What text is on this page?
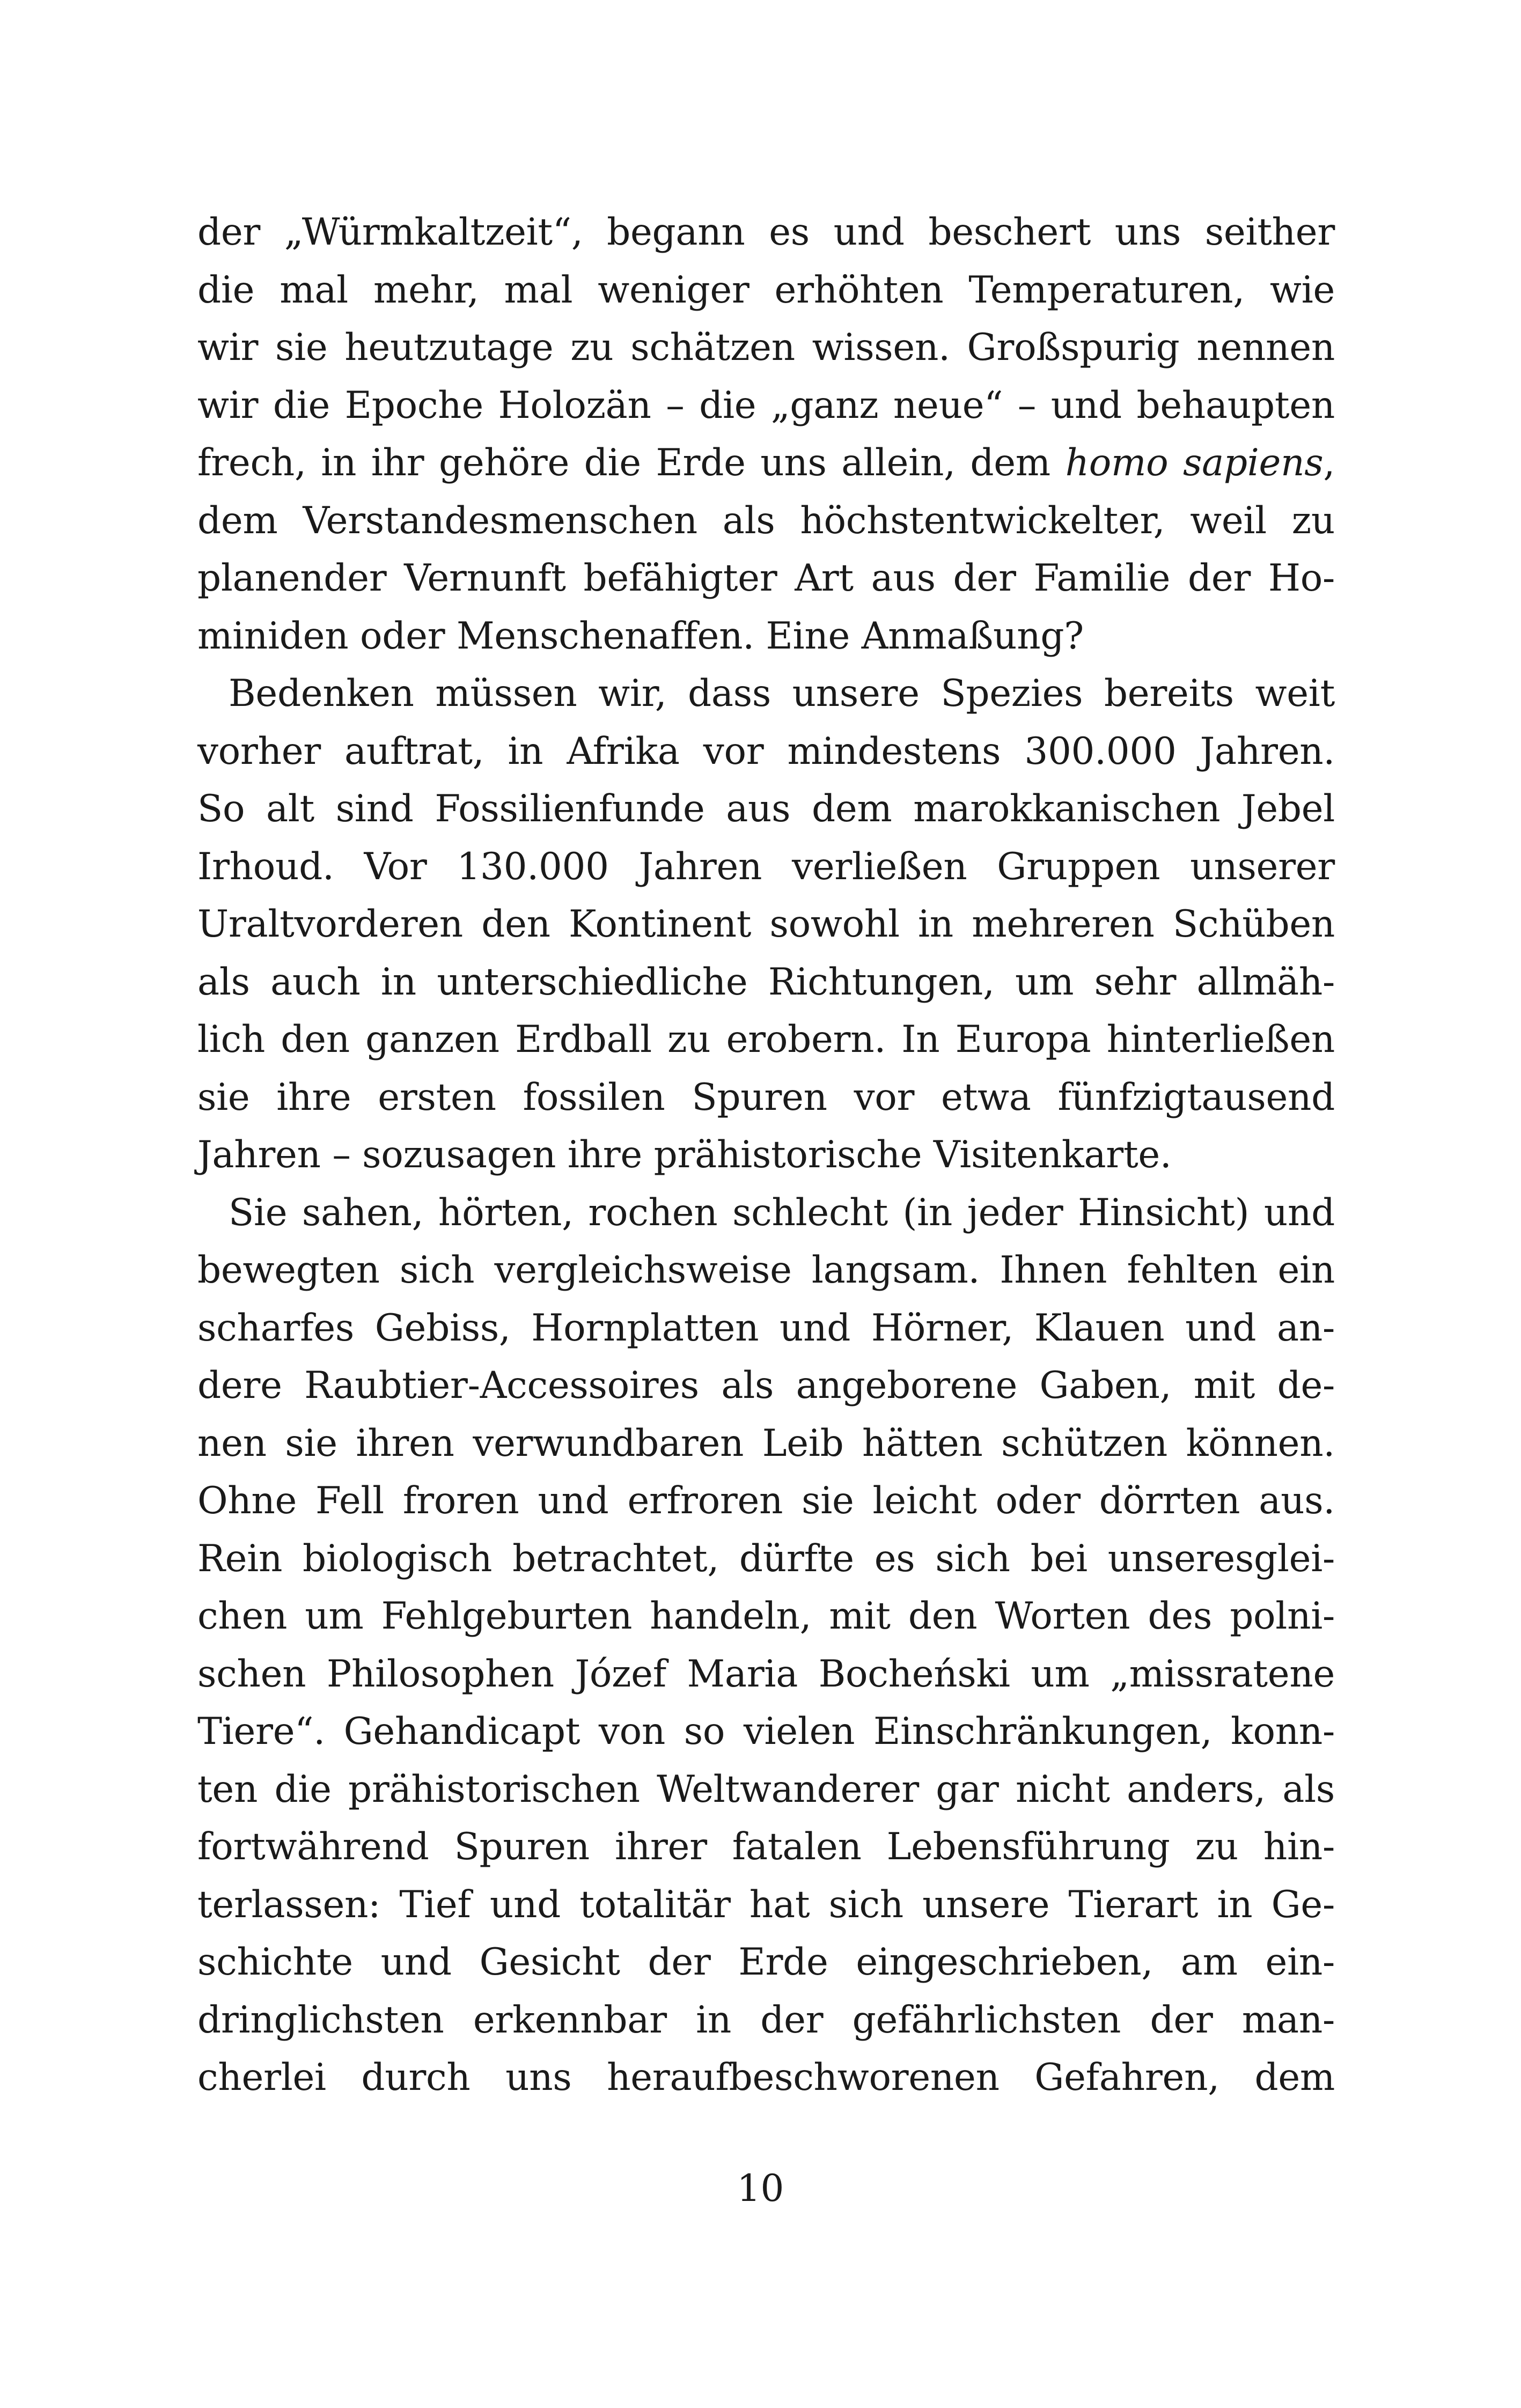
der „Würmkaltzeit“, begann es und beschert uns seither
die mal mehr, mal weniger erhöhten Temperaturen, wie
wir sie heutzutage zu schätzen wissen. Großspurig nennen
wir die Epoche Holozän – die „ganz neue“ – und behaupten
frech, in ihr gehöre die Erde uns allein, dem homo sapiens,
dem Verstandesmenschen als höchstentwickelter, weil zu
planender Vernunft befähigter Art aus der Familie der Ho-
miniden oder Menschenaffen. Eine Anmaßung?
Bedenken müssen wir, dass unsere Spezies bereits weit
vorher auftrat, in Afrika vor mindestens 300.000 Jahren.
So alt sind Fossilienfunde aus dem marokkanischen Jebel
Irhoud. Vor 130.000 Jahren verließen Gruppen unserer
Uraltvorderen den Kontinent sowohl in mehreren Schüben
als auch in unterschiedliche Richtungen, um sehr allmäh-
lich den ganzen Erdball zu erobern. In Europa hinterließen
sie ihre ersten fossilen Spuren vor etwa fünfzigtausend
Jahren – sozusagen ihre prähistorische Visitenkarte.
Sie sahen, hörten, rochen schlecht (in jeder Hinsicht) und
bewegten sich vergleichsweise langsam. Ihnen fehlten ein
scharfes Gebiss, Hornplatten und Hörner, Klauen und an-
dere Raubtier-Accessoires als angeborene Gaben, mit de-
nen sie ihren verwundbaren Leib hätten schützen können.
Ohne Fell froren und erfroren sie leicht oder dörrten aus.
Rein biologisch betrachtet, dürfte es sich bei unseresglei-
chen um Fehlgeburten handeln, mit den Worten des polni-
schen Philosophen Józef Maria Bocheński um „missratene
Tiere“. Gehandicapt von so vielen Einschränkungen, konn-
ten die prähistorischen Weltwanderer gar nicht anders, als
fortwährend Spuren ihrer fatalen Lebensführung zu hin-
terlassen: Tief und totalitär hat sich unsere Tierart in Ge-
schichte und Gesicht der Erde eingeschrieben, am ein-
dringlichsten erkennbar in der gefährlichsten der man-
cherlei durch uns heraufbeschworenen Gefahren, dem
10
